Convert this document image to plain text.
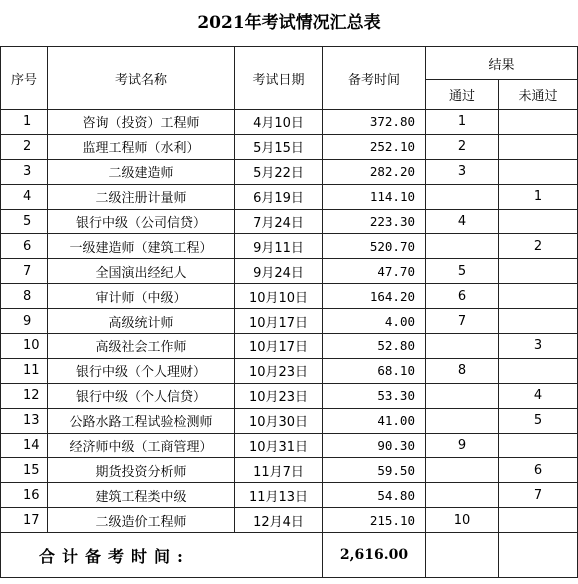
2021年考试情况汇总表
序号	考试名称	考试日期	备考时间	结果	
				通过	未通过
1	咨询（投资）工程师	4月10日	372.80	1	
2	监理工程师（水利）	5月15日	252.10	2	
3	二级建造师	5月22日	282.20	3	
4	二级注册计量师	6月19日	114.10		1
5	银行中级（公司信贷）	7月24日	223.30	4	
6	一级建造师（建筑工程）	9月11日	520.70		2
7	全国演出经纪人	9月24日	47.70	5	
8	审计师（中级）	10月10日	164.20	6	
9	高级统计师	10月17日	4.00	7	
10	高级社会工作师	10月17日	52.80		3
11	银行中级（个人理财）	10月23日	68.10	8	
12	银行中级（个人信贷）	10月23日	53.30		4
13	公路水路工程试验检测师	10月30日	41.00		5
14	经济师中级（工商管理）	10月31日	90.30	9	
15	期货投资分析师	11月7日	59.50		6
16	建筑工程类中级	11月13日	54.80		7
17	二级造价工程师	12月4日	215.10	10	
合计备考时间:			2,616.00		
